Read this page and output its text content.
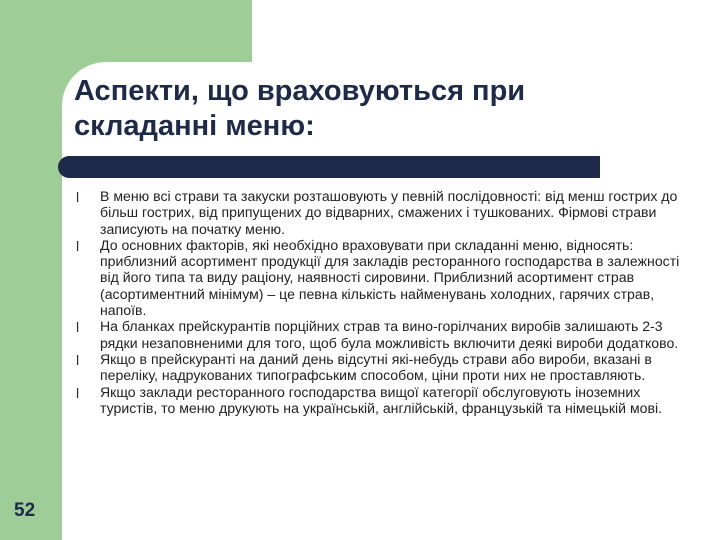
Аспекти, що враховуються при складанні меню:
l В меню всі страви та закуски розташовують у певній послідовності: від менш гострих до більш гострих, від припущених до відварних, смажених і тушкованих. Фірмові страви записують на початку меню.
l До основних факторів, які необхідно враховувати при складанні меню, відносять: приблизний асортимент продукції для закладів ресторанного господарства в залежності від його типа та виду раціону, наявності сировини. Приблизний асортимент страв (асортиментний мінімум) – це певна кількість найменувань холодних, гарячих страв, напоїв.
l На бланках прейскурантів порційних страв та вино-горілчаних виробів залишають 2-3 рядки незаповненими для того, щоб була можливість включити деякі вироби додатково.
l Якщо в прейскуранті на даний день відсутні які-небудь страви або вироби, вказані в переліку, надрукованих типографським способом, ціни проти них не проставляють.
l Якщо заклади ресторанного господарства вищої категорії обслуговують іноземних туристів, то меню друкують на українській, англійській, французькій та німецькій мові.

52
